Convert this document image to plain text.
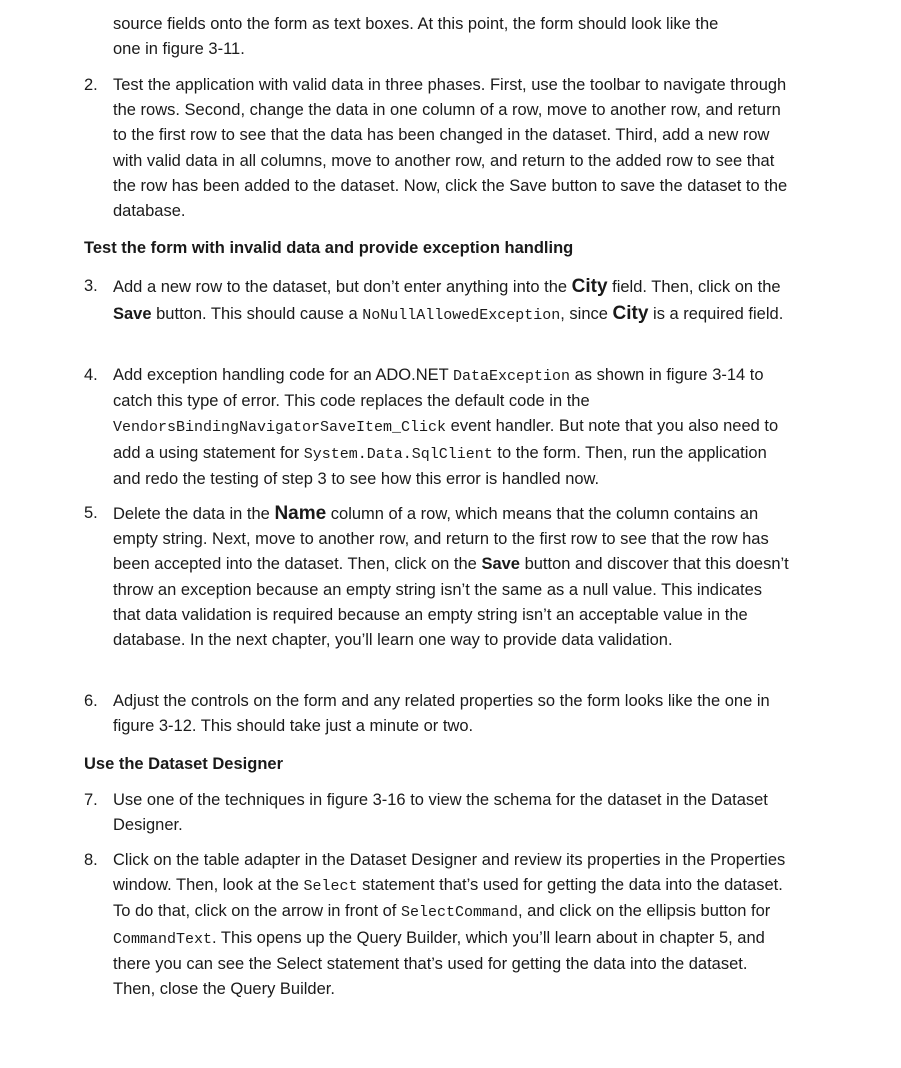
source fields onto the form as text boxes. At this point, the form should look like the
one in figure 3-11.
2. Test the application with valid data in three phases. First, use the toolbar to navigate through the rows. Second, change the data in one column of a row, move to another row, and return to the first row to see that the data has been changed in the dataset. Third, add a new row with valid data in all columns, move to another row, and return to the added row to see that the row has been added to the dataset. Now, click the Save button to save the dataset to the database.
Test the form with invalid data and provide exception handling
3. Add a new row to the dataset, but don’t enter anything into the City field. Then, click on the Save button. This should cause a NoNullAllowedException, since City is a required field.
4. Add exception handling code for an ADO.NET DataException as shown in figure 3-14 to catch this type of error. This code replaces the default code in the VendorsBindingNavigatorSaveItem_Click event handler. But note that you also need to add a using statement for System.Data.SqlClient to the form. Then, run the application and redo the testing of step 3 to see how this error is handled now.
5. Delete the data in the Name column of a row, which means that the column contains an empty string. Next, move to another row, and return to the first row to see that the row has been accepted into the dataset. Then, click on the Save button and discover that this doesn’t throw an exception because an empty string isn’t the same as a null value. This indicates that data validation is required because an empty string isn’t an acceptable value in the database. In the next chapter, you’ll learn one way to provide data validation.
6. Adjust the controls on the form and any related properties so the form looks like the one in figure 3-12. This should take just a minute or two.
Use the Dataset Designer
7. Use one of the techniques in figure 3-16 to view the schema for the dataset in the Dataset Designer.
8. Click on the table adapter in the Dataset Designer and review its properties in the Properties window. Then, look at the Select statement that’s used for getting the data into the dataset. To do that, click on the arrow in front of SelectCommand, and click on the ellipsis button for CommandText. This opens up the Query Builder, which you’ll learn about in chapter 5, and there you can see the Select statement that’s used for getting the data into the dataset. Then, close the Query Builder.
